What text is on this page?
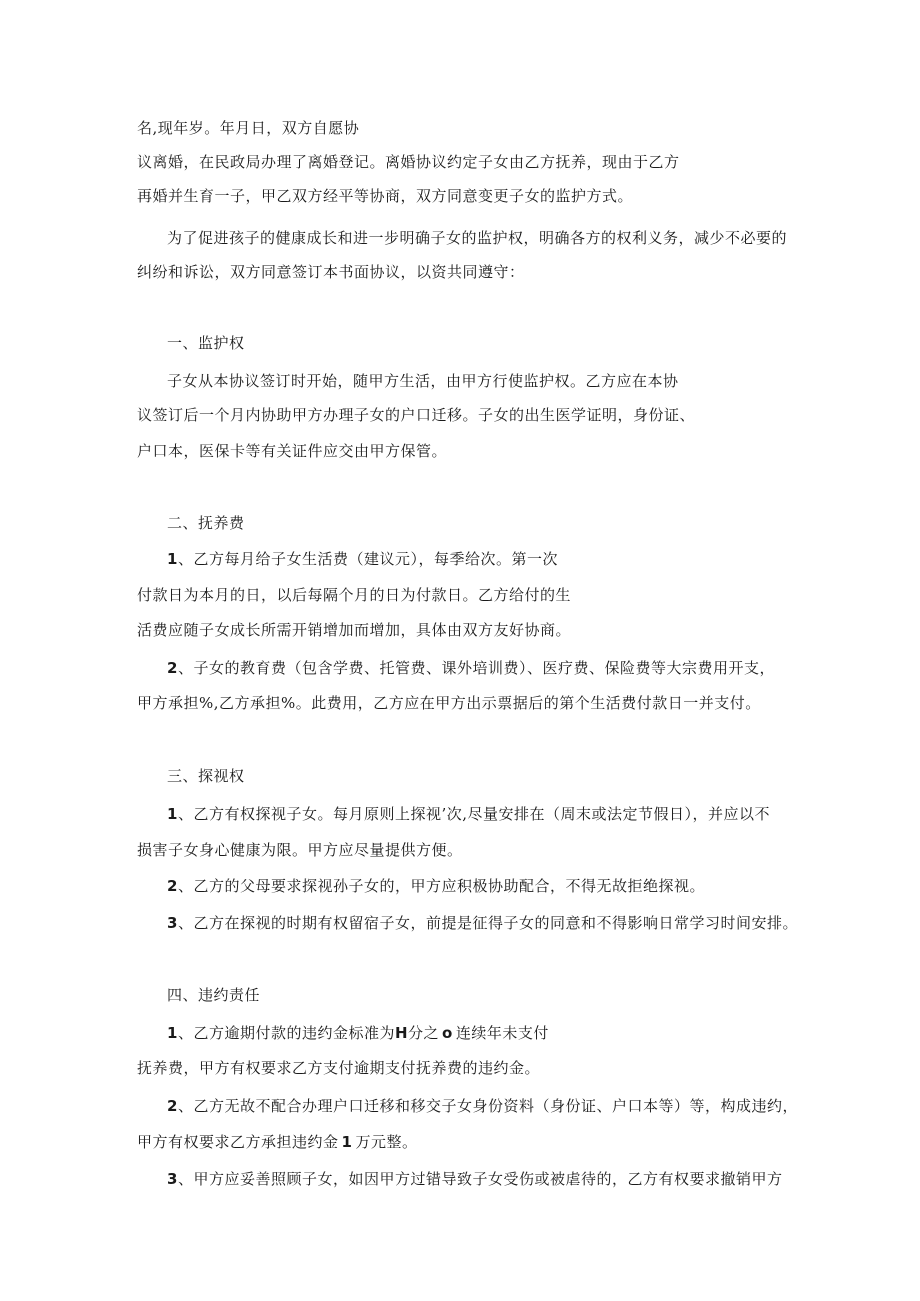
名,现年岁。年月日，双方自愿协
议离婚，在民政局办理了离婚登记。离婚协议约定子女由乙方抚养，现由于乙方
再婚并生育一子，甲乙双方经平等协商，双方同意变更子女的监护方式。
为了促进孩子的健康成长和进一步明确子女的监护权，明确各方的权利义务，减少不必要的
纠纷和诉讼，双方同意签订本书面协议，以资共同遵守：
一、监护权
子女从本协议签订时开始，随甲方生活，由甲方行使监护权。乙方应在本协
议签订后一个月内协助甲方办理子女的户口迁移。子女的出生医学证明，身份证、
户口本，医保卡等有关证件应交由甲方保管。
二、抚养费
1、乙方每月给子女生活费（建议元），每季给次。第一次
付款日为本月的日，以后每隔个月的日为付款日。乙方给付的生
活费应随子女成长所需开销增加而增加，具体由双方友好协商。
2、子女的教育费（包含学费、托管费、课外培训费）、医疗费、保险费等大宗费用开支，
甲方承担%,乙方承担%。此费用，乙方应在甲方出示票据后的第个生活费付款日一并支付。
三、探视权
1、乙方有权探视子女。每月原则上探视’次,尽量安排在（周末或法定节假日），并应以不
损害子女身心健康为限。甲方应尽量提供方便。
2、乙方的父母要求探视孙子女的，甲方应积极协助配合，不得无故拒绝探视。
3、乙方在探视的时期有权留宿子女，前提是征得子女的同意和不得影响日常学习时间安排。
四、违约责任
1、乙方逾期付款的违约金标准为H分之 o 连续年未支付
抚养费，甲方有权要求乙方支付逾期支付抚养费的违约金。
2、乙方无故不配合办理户口迁移和移交子女身份资料（身份证、户口本等）等，构成违约，
甲方有权要求乙方承担违约金 1 万元整。
3、甲方应妥善照顾子女，如因甲方过错导致子女受伤或被虐待的，乙方有权要求撤销甲方
